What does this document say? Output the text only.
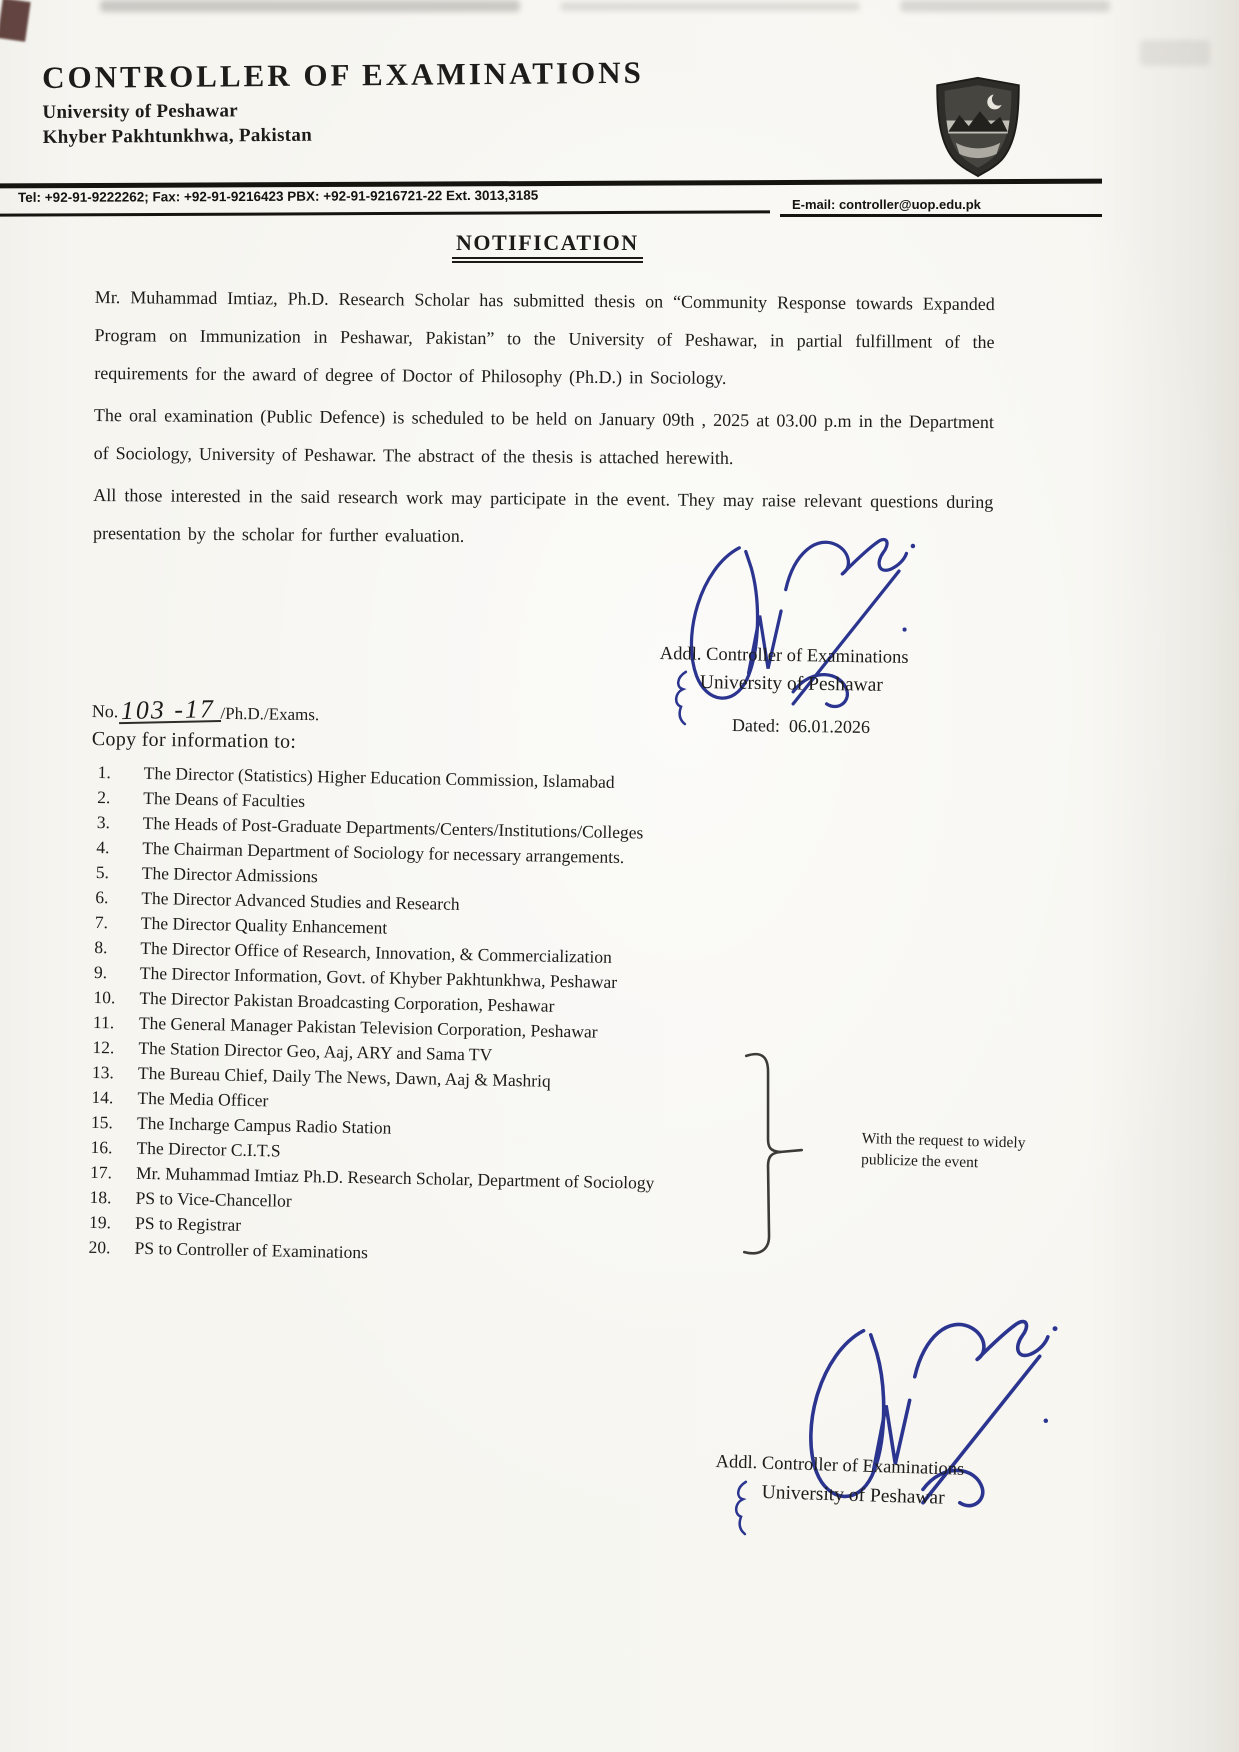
CONTROLLER OF EXAMINATIONS
University of Peshawar
Khyber Pakhtunkhwa, Pakistan
Tel: +92-91-9222262; Fax: +92-91-9216423 PBX: +92-91-9216721-22 Ext. 3013,3185	E-mail: controller@uop.edu.pk
NOTIFICATION

Mr. Muhammad Imtiaz, Ph.D. Research Scholar has submitted thesis on “Community Response towards Expanded Program on Immunization in Peshawar, Pakistan” to the University of Peshawar, in partial fulfillment of the requirements for the award of degree of Doctor of Philosophy (Ph.D.) in Sociology.

The oral examination (Public Defence) is scheduled to be held on January 09th , 2025 at 03.00 p.m in the Department of Sociology, University of Peshawar. The abstract of the thesis is attached herewith.

All those interested in the said research work may participate in the event. They may raise relevant questions during presentation by the scholar for further evaluation.

Addl. Controller of Examinations
University of Peshawar
Dated: 06.01.2026
No.103 -17 /Ph.D./Exams.
Copy for information to:
1.	The Director (Statistics) Higher Education Commission, Islamabad
2.	The Deans of Faculties
3.	The Heads of Post-Graduate Departments/Centers/Institutions/Colleges
4.	The Chairman Department of Sociology for necessary arrangements.
5.	The Director Admissions
6.	The Director Advanced Studies and Research
7.	The Director Quality Enhancement
8.	The Director Office of Research, Innovation, & Commercialization
9.	The Director Information, Govt. of Khyber Pakhtunkhwa, Peshawar
10.	The Director Pakistan Broadcasting Corporation, Peshawar
11.	The General Manager Pakistan Television Corporation, Peshawar
12.	The Station Director Geo, Aaj, ARY and Sama TV
13.	The Bureau Chief, Daily The News, Dawn, Aaj & Mashriq
14.	The Media Officer
15.	The Incharge Campus Radio Station
16.	The Director C.I.T.S
17.	Mr. Muhammad Imtiaz Ph.D. Research Scholar, Department of Sociology
18.	PS to Vice-Chancellor
19.	PS to Registrar
20.	PS to Controller of Examinations
With the request to widely publicize the event
Addl. Controller of Examinations
University of Peshawar
